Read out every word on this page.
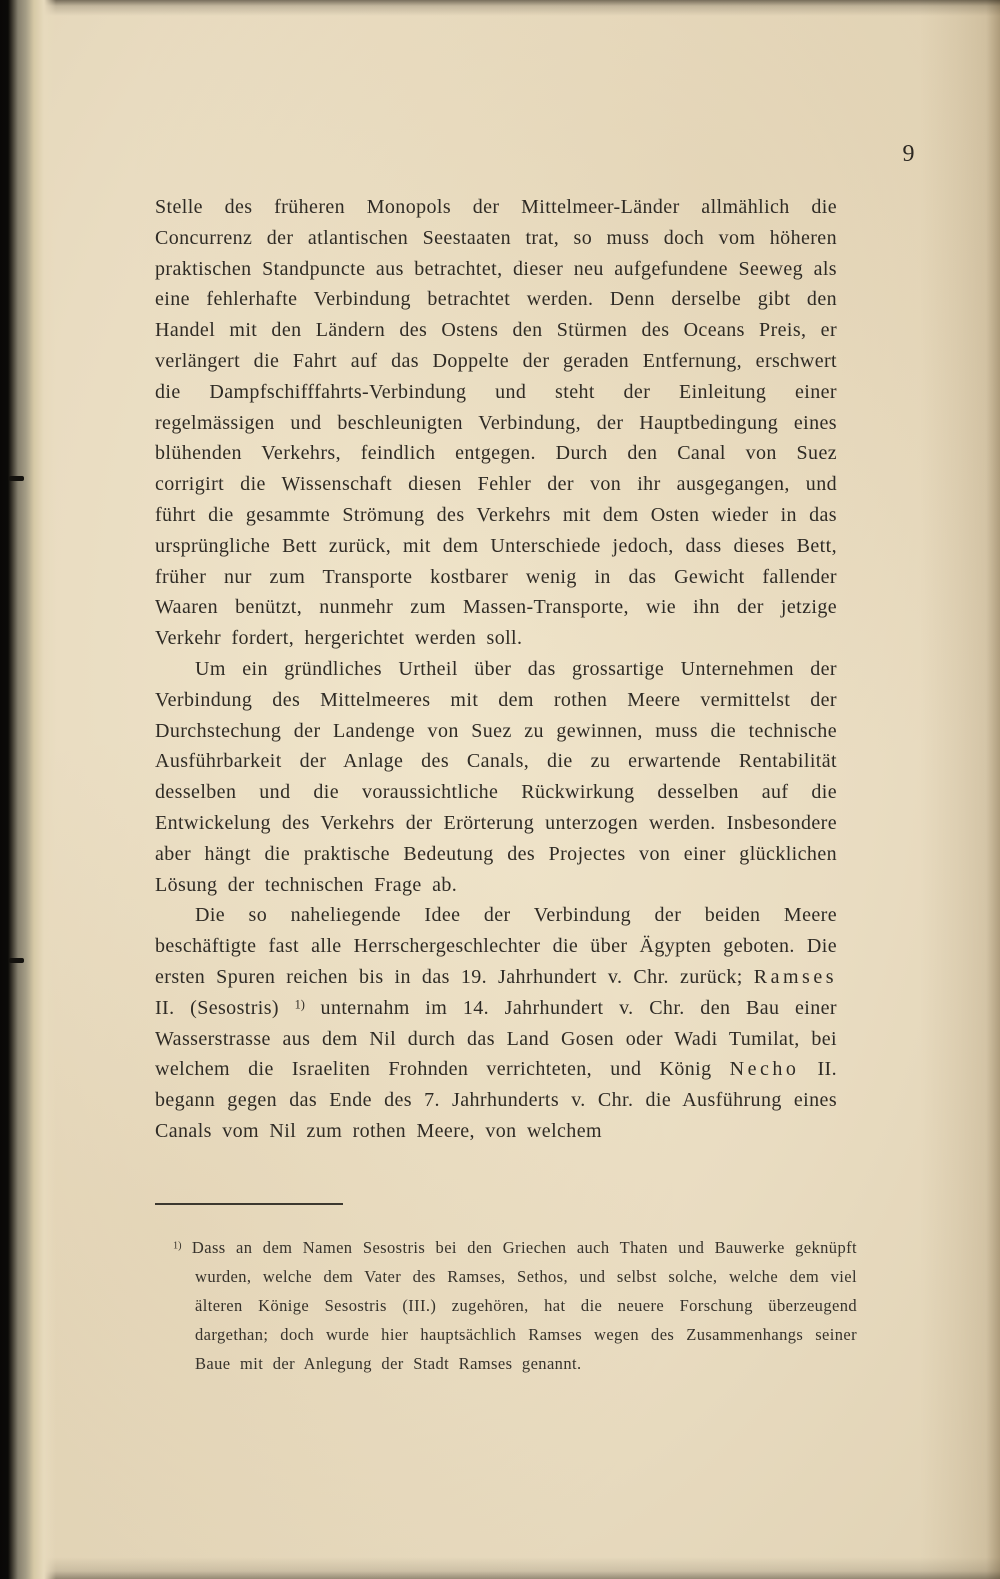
9

Stelle des früheren Monopols der Mittelmeer-Länder allmählich die Concurrenz der atlantischen Seestaaten trat, so muss doch vom höheren praktischen Standpuncte aus betrachtet, dieser neu aufgefundene Seeweg als eine fehlerhafte Verbindung betrachtet werden. Denn derselbe gibt den Handel mit den Ländern des Ostens den Stürmen des Oceans Preis, er verlängert die Fahrt auf das Doppelte der geraden Entfernung, erschwert die Dampfschifffahrts-Verbindung und steht der Einleitung einer regelmässigen und beschleunigten Verbindung, der Hauptbedingung eines blühenden Verkehrs, feindlich entgegen. Durch den Canal von Suez corrigirt die Wissenschaft diesen Fehler der von ihr ausgegangen, und führt die gesammte Strömung des Verkehrs mit dem Osten wieder in das ursprüngliche Bett zurück, mit dem Unterschiede jedoch, dass dieses Bett, früher nur zum Transporte kostbarer wenig in das Gewicht fallender Waaren benützt, nunmehr zum Massen-Transporte, wie ihn der jetzige Verkehr fordert, hergerichtet werden soll.

Um ein gründliches Urtheil über das grossartige Unternehmen der Verbindung des Mittelmeeres mit dem rothen Meere vermittelst der Durchstechung der Landenge von Suez zu gewinnen, muss die technische Ausführbarkeit der Anlage des Canals, die zu erwartende Rentabilität desselben und die voraussichtliche Rückwirkung desselben auf die Entwickelung des Verkehrs der Erörterung unterzogen werden. Insbesondere aber hängt die praktische Bedeutung des Projectes von einer glücklichen Lösung der technischen Frage ab.

Die so naheliegende Idee der Verbindung der beiden Meere beschäftigte fast alle Herrschergeschlechter die über Ägypten geboten. Die ersten Spuren reichen bis in das 19. Jahrhundert v. Chr. zurück; Ramses II. (Sesostris) $^{1)}$ unternahm im 14. Jahrhundert v. Chr. den Bau einer Wasserstrasse aus dem Nil durch das Land Gosen oder Wadi Tumilat, bei welchem die Israeliten Frohnden verrichteten, und König Necho II. begann gegen das Ende des 7. Jahrhunderts v. Chr. die Ausführung eines Canals vom Nil zum rothen Meere, von welchem

$^{1)}$ Dass an dem Namen Sesostris bei den Griechen auch Thaten und Bauwerke geknüpft wurden, welche dem Vater des Ramses, Sethos, und selbst solche, welche dem viel älteren Könige Sesostris (III.) zugehören, hat die neuere Forschung überzeugend dargethan; doch wurde hier hauptsächlich Ramses wegen des Zusammenhangs seiner Baue mit der Anlegung der Stadt Ramses genannt.
